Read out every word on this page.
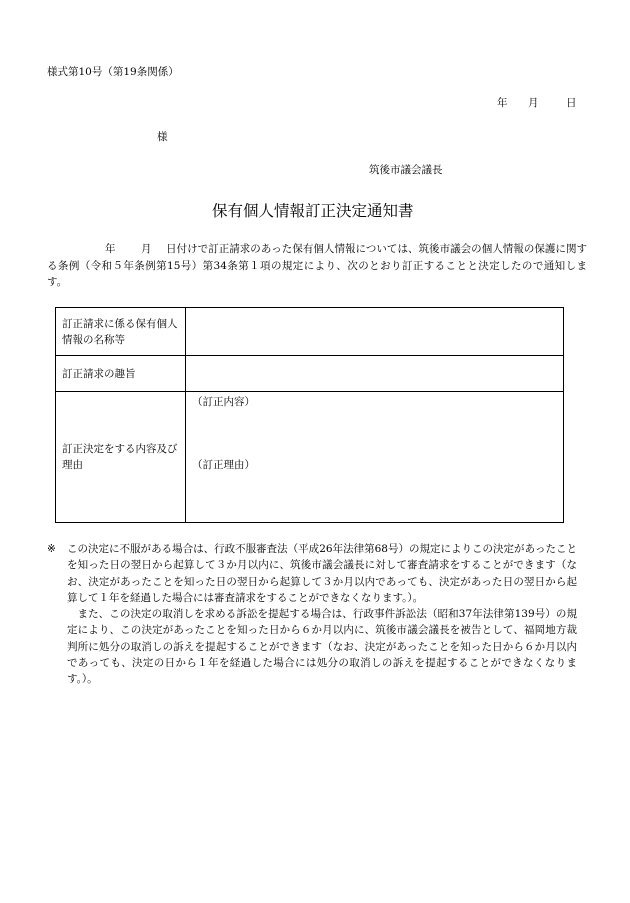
様式第10号（第19条関係）
年 月	日
様
筑後市議会議長
保有個人情報訂正決定通知書
年 月 日付けで訂正請求のあった保有個人情報については、筑後市議会の個人情報の保護に関する条例（令和５年条例第15号）第34条第１項の規定により、次のとおり訂正することと決定したので通知します。
訂正請求に係る保有個人情報の名称等	
訂正請求の趣旨	
訂正決定をする内容及び理由	（訂正内容）
（訂正理由）

※ この決定に不服がある場合は、行政不服審査法（平成26年法律第68号）の規定によりこの決定があったことを知った日の翌日から起算して３か月以内に、筑後市議会議長に対して審査請求をすることができます（なお、決定があったことを知った日の翌日から起算して３か月以内であっても、決定があった日の翌日から起算して１年を経過した場合には審査請求をすることができなくなります。）。

また、この決定の取消しを求める訴訟を提起する場合は、行政事件訴訟法（昭和37年法律第139号）の規定により、この決定があったことを知った日から６か月以内に、筑後市議会議長を被告として、福岡地方裁判所に処分の取消しの訴えを提起することができます（なお、決定があったことを知った日から６か月以内であっても、決定の日から１年を経過した場合には処分の取消しの訴えを提起することができなくなります。）。
